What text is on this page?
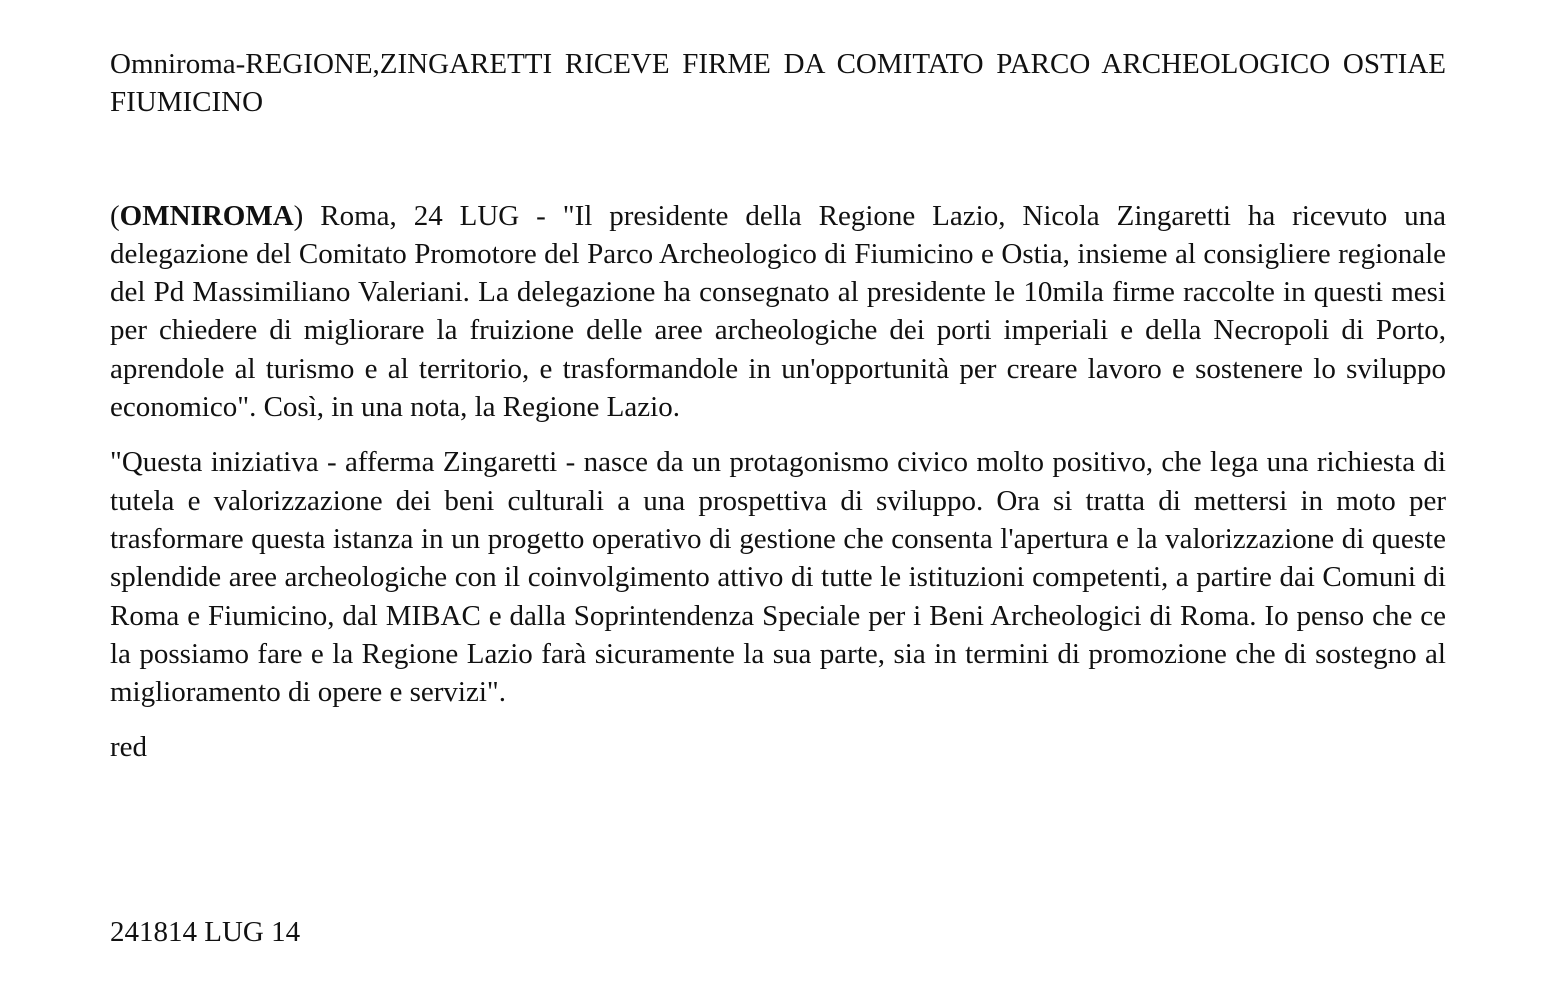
Omniroma-REGIONE,ZINGARETTI RICEVE FIRME DA COMITATO PARCO ARCHEOLOGICO OSTIAE FIUMICINO

(OMNIROMA) Roma, 24 LUG - "Il presidente della Regione Lazio, Nicola Zingaretti ha ricevuto una delegazione del Comitato Promotore del Parco Archeologico di Fiumicino e Ostia, insieme al consigliere regionale del Pd Massimiliano Valeriani. La delegazione ha consegnato al presidente le 10mila firme raccolte in questi mesi per chiedere di migliorare la fruizione delle aree archeologiche dei porti imperiali e della Necropoli di Porto, aprendole al turismo e al territorio, e trasformandole in un'opportunità per creare lavoro e sostenere lo sviluppo economico". Così, in una nota, la Regione Lazio.

"Questa iniziativa - afferma Zingaretti - nasce da un protagonismo civico molto positivo, che lega una richiesta di tutela e valorizzazione dei beni culturali a una prospettiva di sviluppo. Ora si tratta di mettersi in moto per trasformare questa istanza in un progetto operativo di gestione che consenta l'apertura e la valorizzazione di queste splendide aree archeologiche con il coinvolgimento attivo di tutte le istituzioni competenti, a partire dai Comuni di Roma e Fiumicino, dal MIBAC e dalla Soprintendenza Speciale per i Beni Archeologici di Roma. Io penso che ce la possiamo fare e la Regione Lazio farà sicuramente la sua parte, sia in termini di promozione che di sostegno al miglioramento di opere e servizi".

red

241814 LUG 14
